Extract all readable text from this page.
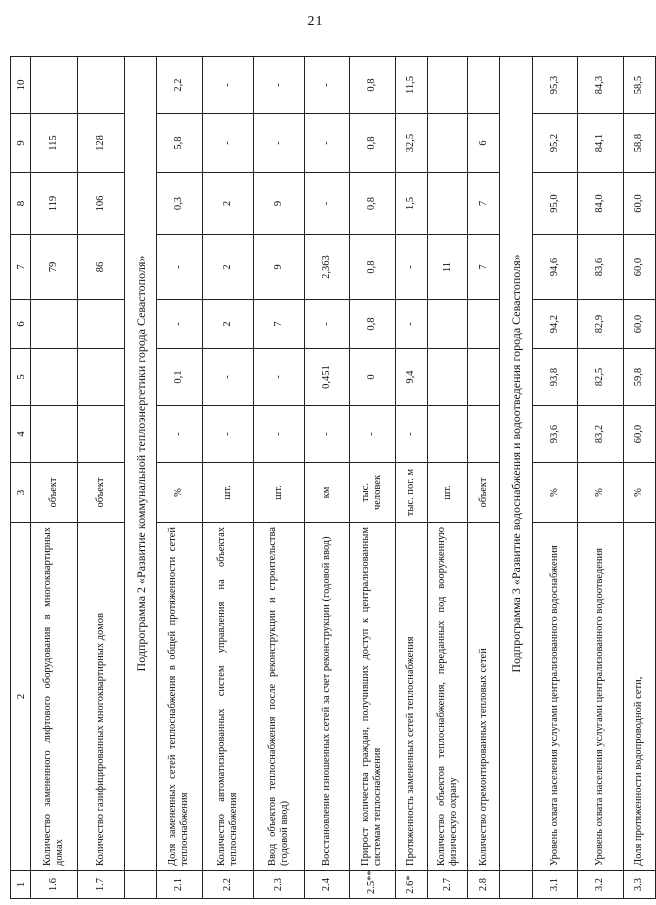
21
1	2	3	4	5	6	7	8	9	10
1.6	Количество замененного лифтового оборудования в многоквартирных домах	объект				79	119	115	
1.7	Количество газифицированных многоквартирных домов	объект				86	106	128	
	Подпрограмма 2 «Развитие коммунальной теплоэнергетики города Севастополя»								
2.1	Доля замененных сетей теплоснабжения в общей протяженности сетей теплоснабжения	%	-	0,1	-	-	0,3	5,8	2,2
2.2	Количество автоматизированных систем управления на объектах теплоснабжения	шт.	-	-	2	2	2	-	-
2.3	Ввод объектов теплоснабжения после реконструкции и строительства (годовой ввод)	шт.	-	-	7	9	9	-	-
2.4	Восстановление изношенных сетей за счет реконструкции (годовой ввод)	км	-	0,451	-	2,363	-	-	-
2.5**	Прирост количества граждан, получивших доступ к централизованным системам теплоснабжения	тыс. человек	-	0	0,8	0,8	0,8	0,8	0,8
2.6*	Протяженность замененных сетей теплоснабжения	тыс. пог. м	-	9,4	-	-	1,5	32,5	11,5
2.7	Количество объектов теплоснабжения, переданных под вооруженную физическую охрану	шт.				11			
2.8	Количество отремонтированных тепловых сетей	объект				7	7	6	
	Подпрограмма 3 «Развитие водоснабжения и водоотведения города Севастополя»								
3.1	Уровень охвата населения услугами централизованного водоснабжения	%	93,6	93,8	94,2	94,6	95,0	95,2	95,3
3.2	Уровень охвата населения услугами централизованного водоотведения	%	83,2	82,5	82,9	83,6	84,0	84,1	84,3
3.3	Доля протяженности водопроводной сети,	%	60,0	59,8	60,0	60,0	60,0	58,8	58,5
